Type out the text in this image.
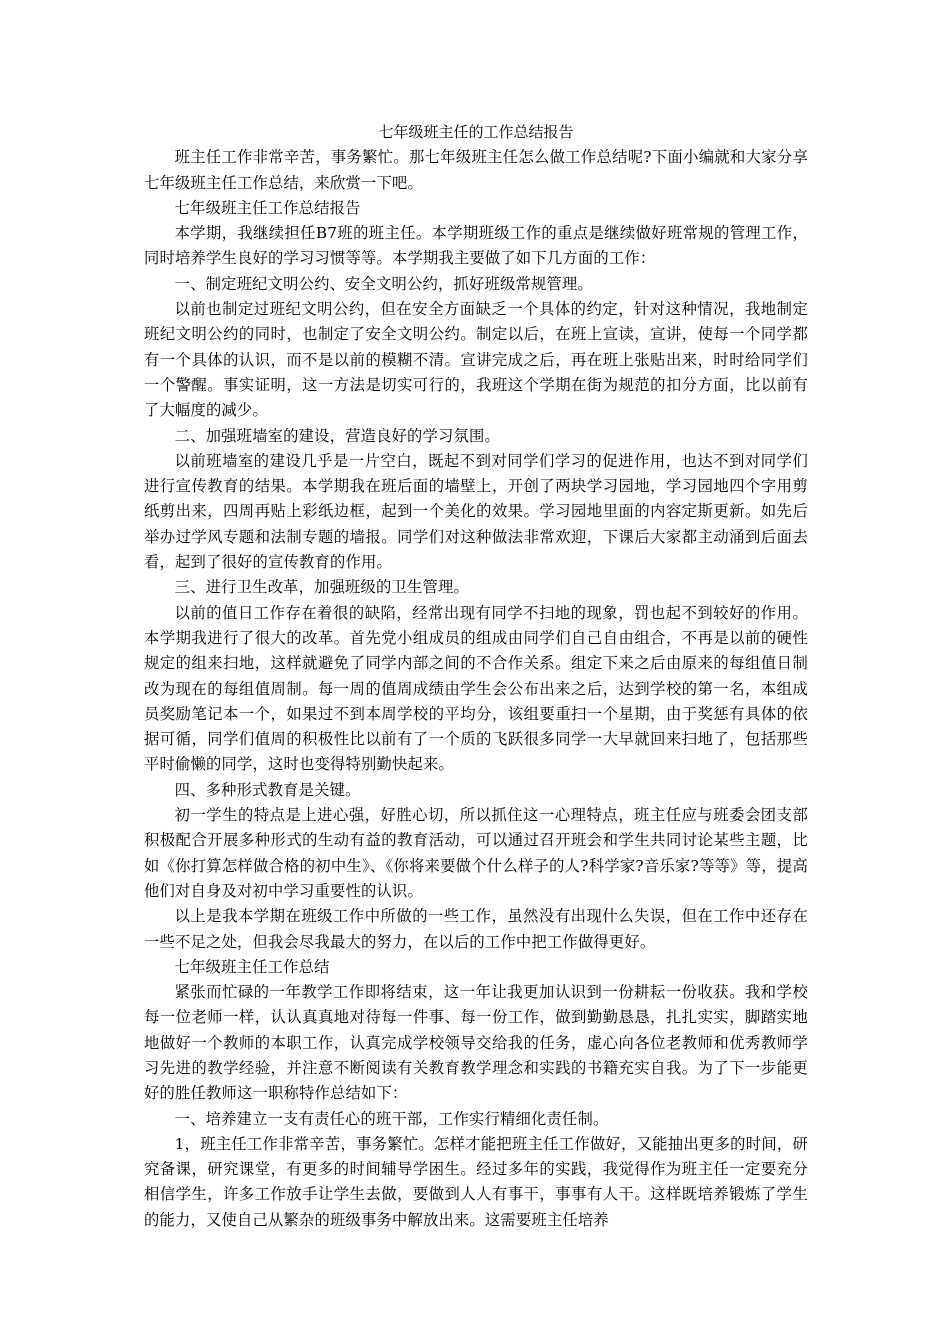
七年级班主任的工作总结报告

班主任工作非常辛苦，事务繁忙。那七年级班主任怎么做工作总结呢?下面小编就和大家分享七年级班主任工作总结，来欣赏一下吧。

七年级班主任工作总结报告

本学期，我继续担任B7班的班主任。本学期班级工作的重点是继续做好班常规的管理工作，同时培养学生良好的学习习惯等等。本学期我主要做了如下几方面的工作：

一、制定班纪文明公约、安全文明公约，抓好班级常规管理。

以前也制定过班纪文明公约，但在安全方面缺乏一个具体的约定，针对这种情况，我地制定班纪文明公约的同时，也制定了安全文明公约。制定以后，在班上宣读，宣讲，使每一个同学都有一个具体的认识，而不是以前的模糊不清。宣讲完成之后，再在班上张贴出来，时时给同学们一个警醒。事实证明，这一方法是切实可行的，我班这个学期在街为规范的扣分方面，比以前有了大幅度的减少。

二、加强班墙室的建设，营造良好的学习氛围。

以前班墙室的建设几乎是一片空白，既起不到对同学们学习的促进作用，也达不到对同学们进行宣传教育的结果。本学期我在班后面的墙壁上，开创了两块学习园地，学习园地四个字用剪纸剪出来，四周再贴上彩纸边框，起到一个美化的效果。学习园地里面的内容定斯更新。如先后举办过学风专题和法制专题的墙报。同学们对这种做法非常欢迎，下课后大家都主动涌到后面去看，起到了很好的宣传教育的作用。

三、进行卫生改革，加强班级的卫生管理。

以前的值日工作存在着很的缺陷，经常出现有同学不扫地的现象，罚也起不到较好的作用。本学期我进行了很大的改革。首先党小组成员的组成由同学们自己自由组合，不再是以前的硬性规定的组来扫地，这样就避免了同学内部之间的不合作关系。组定下来之后由原来的每组值日制改为现在的每组值周制。每一周的值周成绩由学生会公布出来之后，达到学校的第一名，本组成员奖励笔记本一个，如果过不到本周学校的平均分，该组要重扫一个星期，由于奖惩有具体的依据可循，同学们值周的积极性比以前有了一个质的飞跃很多同学一大早就回来扫地了，包括那些平时偷懒的同学，这时也变得特别勤快起来。

四、多种形式教育是关键。

初一学生的特点是上进心强，好胜心切，所以抓住这一心理特点，班主任应与班委会团支部积极配合开展多种形式的生动有益的教育活动，可以通过召开班会和学生共同讨论某些主题，比如《你打算怎样做合格的初中生》、《你将来要做个什么样子的人?科学家?音乐家?等等》等，提高他们对自身及对初中学习重要性的认识。

以上是我本学期在班级工作中所做的一些工作，虽然没有出现什么失误，但在工作中还存在一些不足之处，但我会尽我最大的努力，在以后的工作中把工作做得更好。

七年级班主任工作总结

紧张而忙碌的一年教学工作即将结束，这一年让我更加认识到一份耕耘一份收获。我和学校每一位老师一样，认认真真地对待每一件事、每一份工作，做到勤勤恳恳，扎扎实实，脚踏实地地做好一个教师的本职工作，认真完成学校领导交给我的任务，虚心向各位老教师和优秀教师学习先进的教学经验，并注意不断阅读有关教育教学理念和实践的书籍充实自我。为了下一步能更好的胜任教师这一职称特作总结如下：

一、培养建立一支有责任心的班干部，工作实行精细化责任制。

1，班主任工作非常辛苦，事务繁忙。怎样才能把班主任工作做好，又能抽出更多的时间，研究备课，研究课堂，有更多的时间辅导学困生。经过多年的实践，我觉得作为班主任一定要充分相信学生，许多工作放手让学生去做，要做到人人有事干，事事有人干。这样既培养锻炼了学生的能力，又使自己从繁杂的班级事务中解放出来。这需要班主任培养
